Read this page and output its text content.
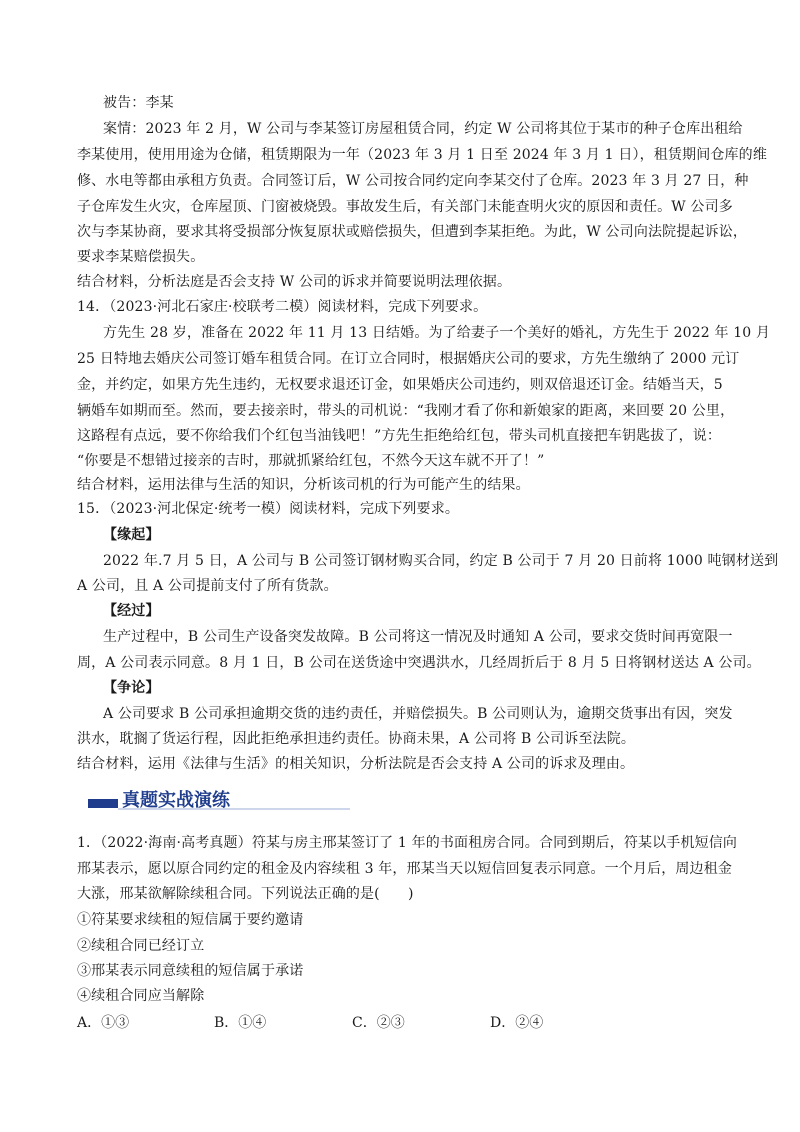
被告：李某
案情：2023 年 2 月，W 公司与李某签订房屋租赁合同，约定 W 公司将其位于某市的种子仓库出租给
李某使用，使用用途为仓储，租赁期限为一年（2023 年 3 月 1 日至 2024 年 3 月 1 日），租赁期间仓库的维
修、水电等都由承租方负责。合同签订后，W 公司按合同约定向李某交付了仓库。2023 年 3 月 27 日，种
子仓库发生火灾，仓库屋顶、门窗被烧毁。事故发生后，有关部门未能查明火灾的原因和责任。W 公司多
次与李某协商，要求其将受损部分恢复原状或赔偿损失，但遭到李某拒绝。为此，W 公司向法院提起诉讼，
要求李某赔偿损失。
结合材料，分析法庭是否会支持 W 公司的诉求并简要说明法理依据。
14．（2023·河北石家庄·校联考二模）阅读材料，完成下列要求。
方先生 28 岁，准备在 2022 年 11 月 13 日结婚。为了给妻子一个美好的婚礼，方先生于 2022 年 10 月
25 日特地去婚庆公司签订婚车租赁合同。在订立合同时，根据婚庆公司的要求，方先生缴纳了 2000 元订
金，并约定，如果方先生违约，无权要求退还订金，如果婚庆公司违约，则双倍退还订金。结婚当天，5
辆婚车如期而至。然而，要去接亲时，带头的司机说：“我刚才看了你和新娘家的距离，来回要 20 公里，
这路程有点远，要不你给我们个红包当油钱吧！”方先生拒绝给红包，带头司机直接把车钥匙拔了，说：
“你要是不想错过接亲的吉时，那就抓紧给红包，不然今天这车就不开了！”
结合材料，运用法律与生活的知识，分析该司机的行为可能产生的结果。
15．（2023·河北保定·统考一模）阅读材料，完成下列要求。
【缘起】
2022 年.7 月 5 日，A 公司与 B 公司签订钢材购买合同，约定 B 公司于 7 月 20 日前将 1000 吨钢材送到
A 公司，且 A 公司提前支付了所有货款。
【经过】
生产过程中，B 公司生产设备突发故障。B 公司将这一情况及时通知 A 公司，要求交货时间再宽限一
周，A 公司表示同意。8 月 1 日，B 公司在送货途中突遇洪水，几经周折后于 8 月 5 日将钢材送达 A 公司。
【争论】
A 公司要求 B 公司承担逾期交货的违约责任，并赔偿损失。B 公司则认为，逾期交货事出有因，突发
洪水，耽搁了货运行程，因此拒绝承担违约责任。协商未果，A 公司将 B 公司诉至法院。
结合材料，运用《法律与生活》的相关知识，分析法院是否会支持 A 公司的诉求及理由。
真题实战演练
1．（2022·海南·高考真题）符某与房主邢某签订了 1 年的书面租房合同。合同到期后，符某以手机短信向
邢某表示，愿以原合同约定的租金及内容续租 3 年，邢某当天以短信回复表示同意。一个月后，周边租金
大涨，邢某欲解除续租合同。下列说法正确的是(　　)
①符某要求续租的短信属于要约邀请
②续租合同已经订立
③邢某表示同意续租的短信属于承诺
④续租合同应当解除
A．①③	B．①④	C．②③	D．②④
